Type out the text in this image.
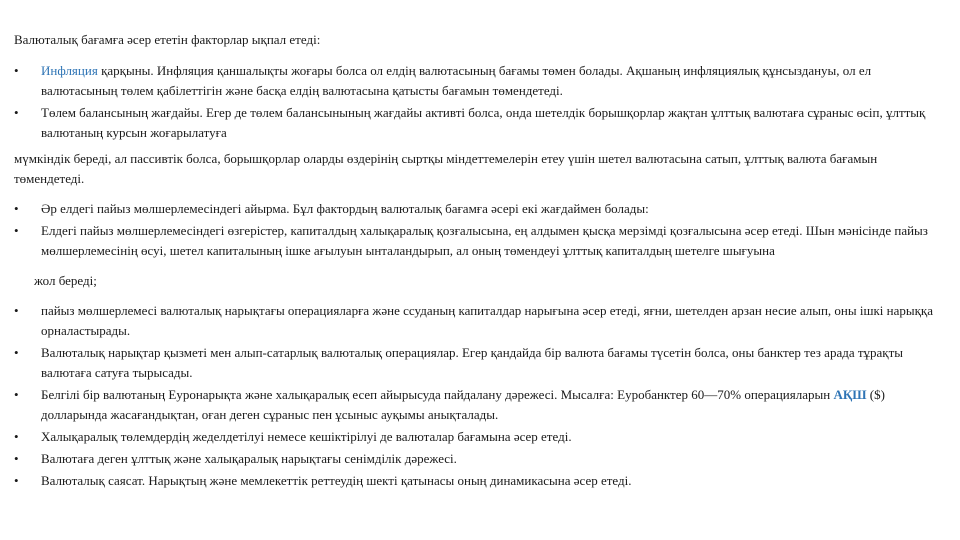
Валюталық бағамға әсер ететін факторлар ықпал етеді:

•	Инфляция қарқыны. Инфляция қаншалықты жоғары болса ол елдің валютасының бағамы төмен болады. Ақшаның инфляциялық құнсыздануы, ол ел валютасының төлем қабілеттігін және басқа елдің валютасына қатысты бағамын төмендетеді.
•	Төлем балансының жағдайы. Егер де төлем балансынының жағдайы активті болса, онда шетелдік борышқорлар жақтан ұлттық валютаға сұраныс өсіп, ұлттық валютаның курсын жоғарылатуға

мүмкіндік береді, ал пассивтік болса, борышқорлар оларды өздерінің сыртқы міндеттемелерін етеу үшін шетел валютасына сатып, ұлттық валюта бағамын төмендетеді.

•	Әр елдегі пайыз мөлшерлемесіндегі айырма. Бұл фактордың валюталық бағамға әсері екі жағдаймен болады:
•	Елдегі пайыз мөлшерлемесіндегі өзгерістер, капиталдың халықаралық қозғалысына, ең алдымен қысқа мерзімді қозғалысына әсер етеді. Шын мәнісінде пайыз мөлшерлемесінің өсуі, шетел капиталының ішке ағылуын ынталандырып, ал оның төмендеуі ұлттық капиталдың шетелге шығуына

жол береді;

•	пайыз мөлшерлемесі валюталық нарықтағы операцияларға және ссуданың капиталдар нарығына әсер етеді, яғни, шетелден арзан несие алып, оны ішкі нарыққа орналастырады.
•	Валюталық нарықтар қызметі мен алып-сатарлық валюталық операциялар. Егер қандайда бір валюта бағамы түсетін болса, оны банктер тез арада тұрақты валютаға сатуға тырысады.
•	Белгілі бір валютаның Еуронарықта және халықаралық есеп айырысуда пайдалану дәрежесі. Мысалға: Еуробанктер 60—70% операцияларын АҚШ ($) долларында жасағандықтан, оған деген сұраныс пен ұсыныс ауқымы анықталады.
•	Халықаралық төлемдердің жеделдетілуі немесе кешіктірілуі де валюталар бағамына әсер етеді.
•	Валютаға деген ұлттық және халықаралық нарықтағы сенімділік дәрежесі.
•	Валюталық саясат. Нарықтың және мемлекеттік реттеудің шекті қатынасы оның динамикасына әсер етеді.
